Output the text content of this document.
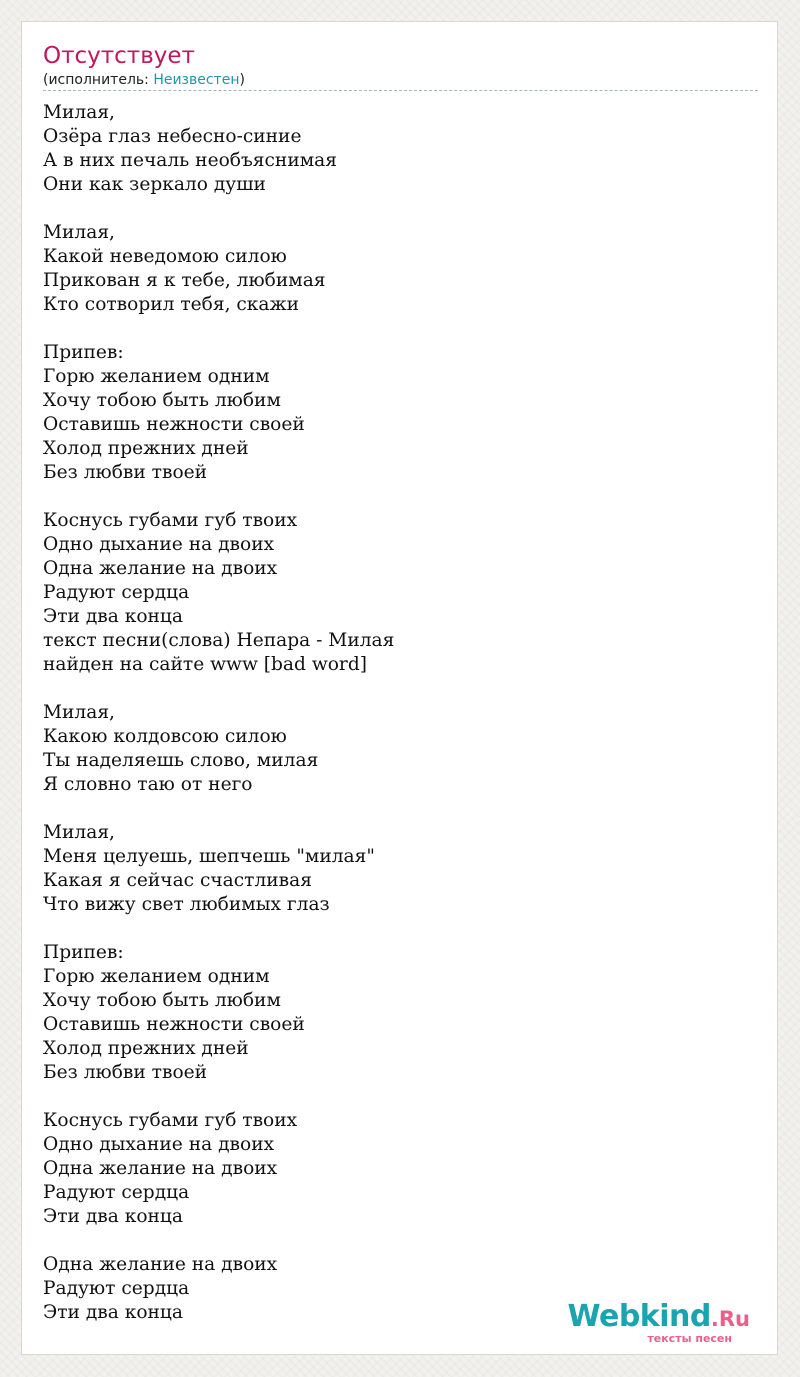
Отсутствует
(исполнитель: Неизвестен)
Милая,
Озёра глаз небесно-синие
А в них печаль необъяснимая
Они как зеркало души
Милая,
Какой неведомою силою
Прикован я к тебе, любимая
Кто сотворил тебя, скажи
Припев:
Горю желанием одним
Хочу тобою быть любим
Оставишь нежности своей
Холод прежних дней
Без любви твоей
Коснусь губами губ твоих
Одно дыхание на двоих
Одна желание на двоих
Радуют сердца
Эти два конца
текст песни(слова) Непара - Милая
найден на сайте www [bad word]
Милая,
Какою колдовсою силою
Ты наделяешь слово, милая
Я словно таю от него
Милая,
Меня целуешь, шепчешь "милая"
Какая я сейчас счастливая
Что вижу свет любимых глаз
Припев:
Горю желанием одним
Хочу тобою быть любим
Оставишь нежности своей
Холод прежних дней
Без любви твоей
Коснусь губами губ твоих
Одно дыхание на двоих
Одна желание на двоих
Радуют сердца
Эти два конца
Одна желание на двоих
Радуют сердца
Эти два конца	Webkind.Ru
тексты песен
